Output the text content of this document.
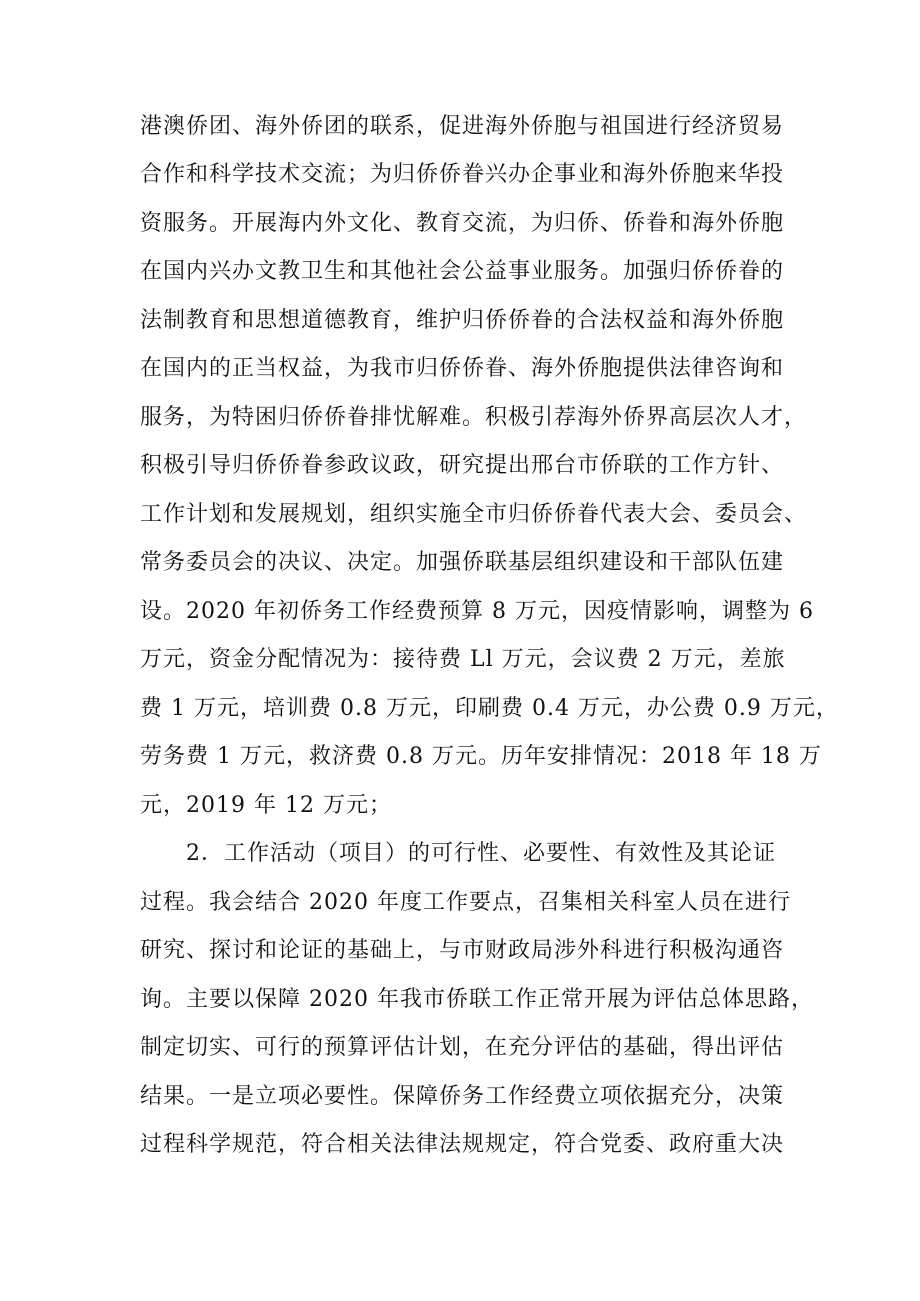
港澳侨团、海外侨团的联系，促进海外侨胞与祖国进行经济贸易
合作和科学技术交流；为归侨侨眷兴办企事业和海外侨胞来华投
资服务。开展海内外文化、教育交流，为归侨、侨眷和海外侨胞
在国内兴办文教卫生和其他社会公益事业服务。加强归侨侨眷的
法制教育和思想道德教育，维护归侨侨眷的合法权益和海外侨胞
在国内的正当权益，为我市归侨侨眷、海外侨胞提供法律咨询和
服务，为特困归侨侨眷排忧解难。积极引荐海外侨界高层次人才，
积极引导归侨侨眷参政议政，研究提出邢台市侨联的工作方针、
工作计划和发展规划，组织实施全市归侨侨眷代表大会、委员会、
常务委员会的决议、决定。加强侨联基层组织建设和干部队伍建
设。2020 年初侨务工作经费预算 8 万元，因疫情影响，调整为 6
万元，资金分配情况为：接待费 Ll 万元，会议费 2 万元，差旅
费 1 万元，培训费 0.8 万元，印刷费 0.4 万元，办公费 0.9 万元，
劳务费 1 万元，救济费 0.8 万元。历年安排情况：2018 年 18 万
元，2019 年 12 万元；
2．工作活动（项目）的可行性、必要性、有效性及其论证
过程。我会结合 2020 年度工作要点，召集相关科室人员在进行
研究、探讨和论证的基础上，与市财政局涉外科进行积极沟通咨
询。主要以保障 2020 年我市侨联工作正常开展为评估总体思路，
制定切实、可行的预算评估计划，在充分评估的基础，得出评估
结果。一是立项必要性。保障侨务工作经费立项依据充分，决策
过程科学规范，符合相关法律法规规定，符合党委、政府重大决
